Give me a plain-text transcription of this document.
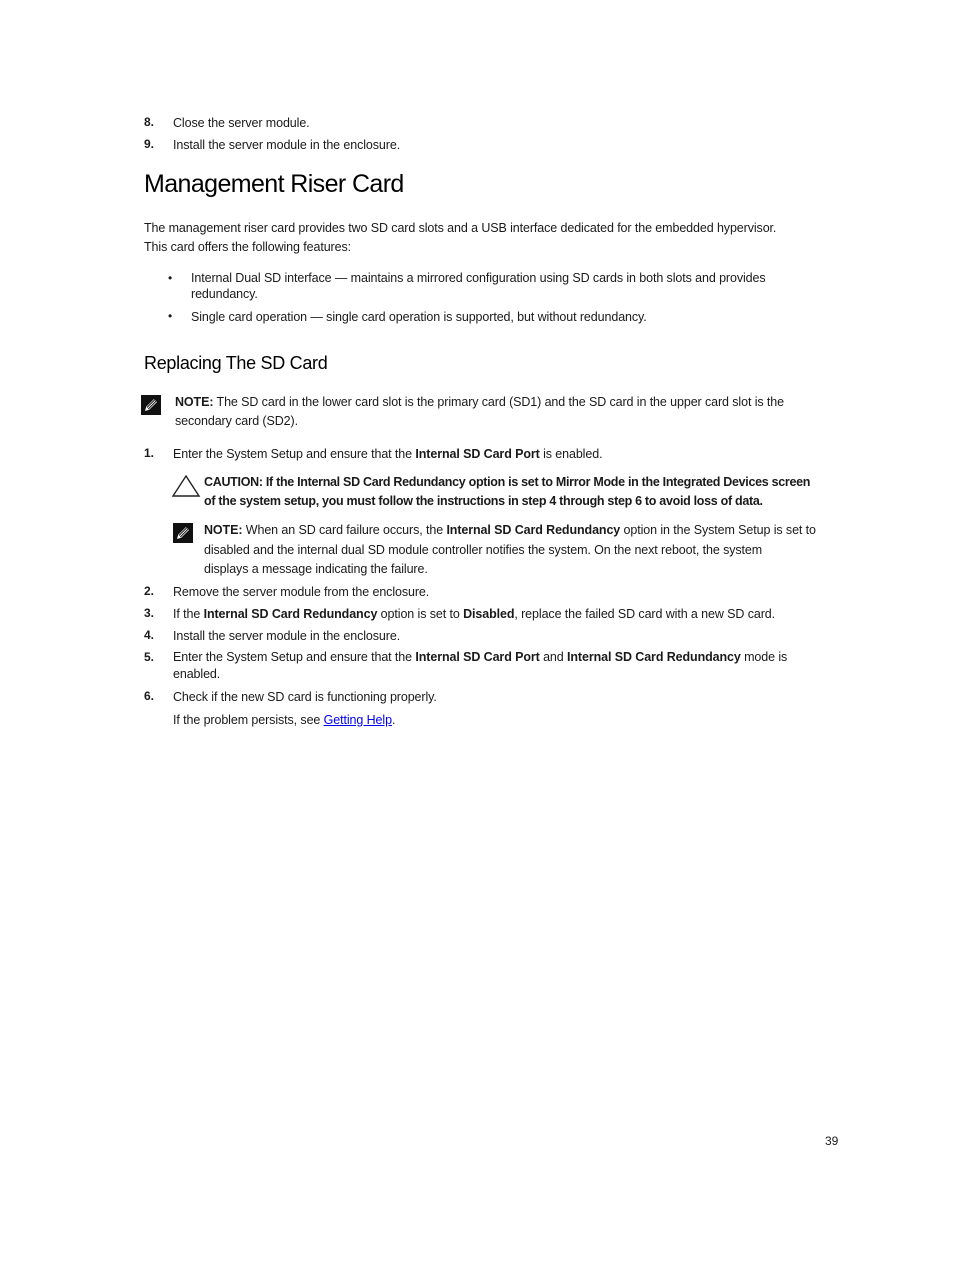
8. Close the server module.
9. Install the server module in the enclosure.
Management Riser Card
The management riser card provides two SD card slots and a USB interface dedicated for the embedded hypervisor.
This card offers the following features:
• Internal Dual SD interface — maintains a mirrored configuration using SD cards in both slots and provides
redundancy.
• Single card operation — single card operation is supported, but without redundancy.
Replacing The SD Card
NOTE: The SD card in the lower card slot is the primary card (SD1) and the SD card in the upper card slot is the
secondary card (SD2).
1. Enter the System Setup and ensure that the Internal SD Card Port is enabled.
CAUTION: If the Internal SD Card Redundancy option is set to Mirror Mode in the Integrated Devices screen
of the system setup, you must follow the instructions in step 4 through step 6 to avoid loss of data.
NOTE: When an SD card failure occurs, the Internal SD Card Redundancy option in the System Setup is set to
disabled and the internal dual SD module controller notifies the system. On the next reboot, the system
displays a message indicating the failure.
2. Remove the server module from the enclosure.
3. If the Internal SD Card Redundancy option is set to Disabled, replace the failed SD card with a new SD card.
4. Install the server module in the enclosure.
5. Enter the System Setup and ensure that the Internal SD Card Port and Internal SD Card Redundancy mode is
enabled.
6. Check if the new SD card is functioning properly.
If the problem persists, see Getting Help.
39
